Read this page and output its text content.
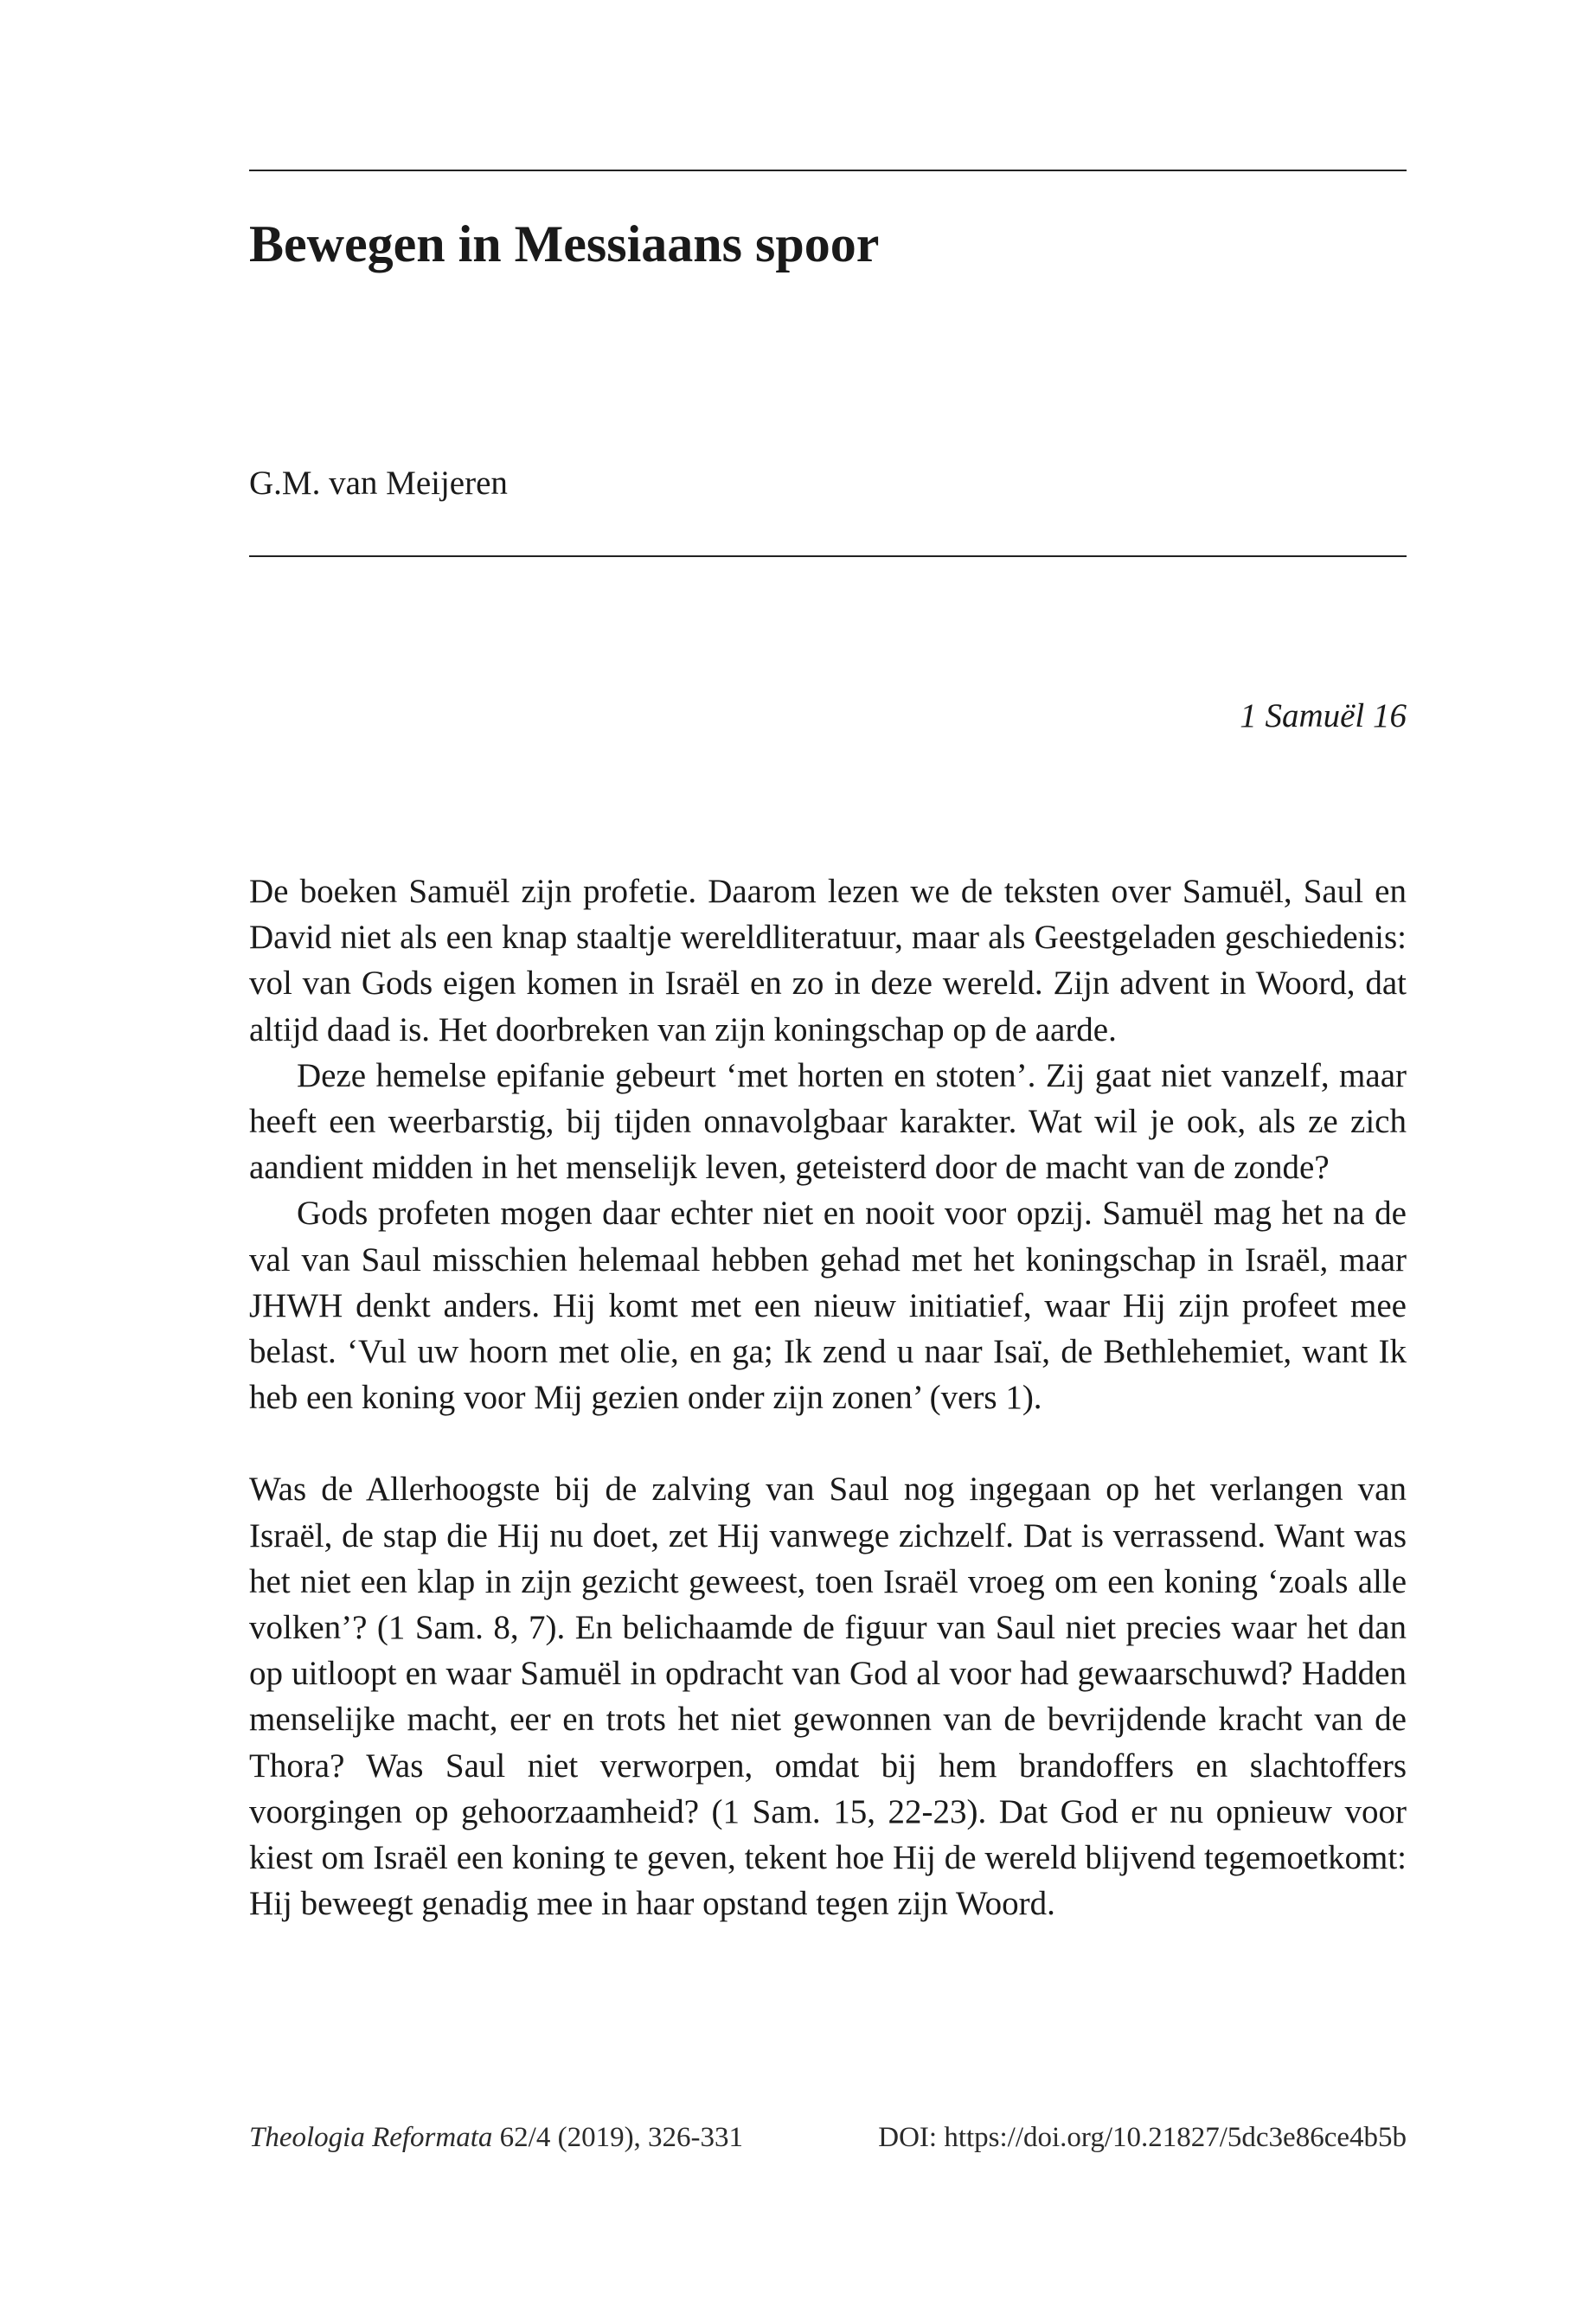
Bewegen in Messiaans spoor
G.M. van Meijeren
1 Samuël 16

De boeken Samuël zijn profetie. Daarom lezen we de teksten over Samuël, Saul en David niet als een knap staaltje wereldliteratuur, maar als Geestgeladen geschiedenis: vol van Gods eigen komen in Israël en zo in deze wereld. Zijn advent in Woord, dat altijd daad is. Het doorbreken van zijn koningschap op de aarde.

Deze hemelse epifanie gebeurt ‘met horten en stoten’. Zij gaat niet vanzelf, maar heeft een weerbarstig, bij tijden onnavolgbaar karakter. Wat wil je ook, als ze zich aandient midden in het menselijk leven, geteisterd door de macht van de zonde?

Gods profeten mogen daar echter niet en nooit voor opzij. Samuël mag het na de val van Saul misschien helemaal hebben gehad met het koningschap in Israël, maar JHWH denkt anders. Hij komt met een nieuw initiatief, waar Hij zijn profeet mee belast. ‘Vul uw hoorn met olie, en ga; Ik zend u naar Isaï, de Bethlehemiet, want Ik heb een koning voor Mij gezien onder zijn zonen’ (vers 1).

Was de Allerhoogste bij de zalving van Saul nog ingegaan op het verlangen van Israël, de stap die Hij nu doet, zet Hij vanwege zichzelf. Dat is verrassend. Want was het niet een klap in zijn gezicht geweest, toen Israël vroeg om een koning ‘zoals alle volken’? (1 Sam. 8, 7). En belichaamde de figuur van Saul niet precies waar het dan op uitloopt en waar Samuël in opdracht van God al voor had gewaarschuwd? Hadden menselijke macht, eer en trots het niet gewonnen van de bevrijdende kracht van de Thora? Was Saul niet verworpen, omdat bij hem brandoffers en slachtoffers voorgingen op gehoorzaamheid? (1 Sam. 15, 22-23). Dat God er nu opnieuw voor kiest om Israël een koning te geven, tekent hoe Hij de wereld blijvend tegemoetkomt: Hij beweegt genadig mee in haar opstand tegen zijn Woord.

Theologia Reformata 62/4 (2019), 326-331	DOI: https://doi.org/10.21827/5dc3e86ce4b5b
